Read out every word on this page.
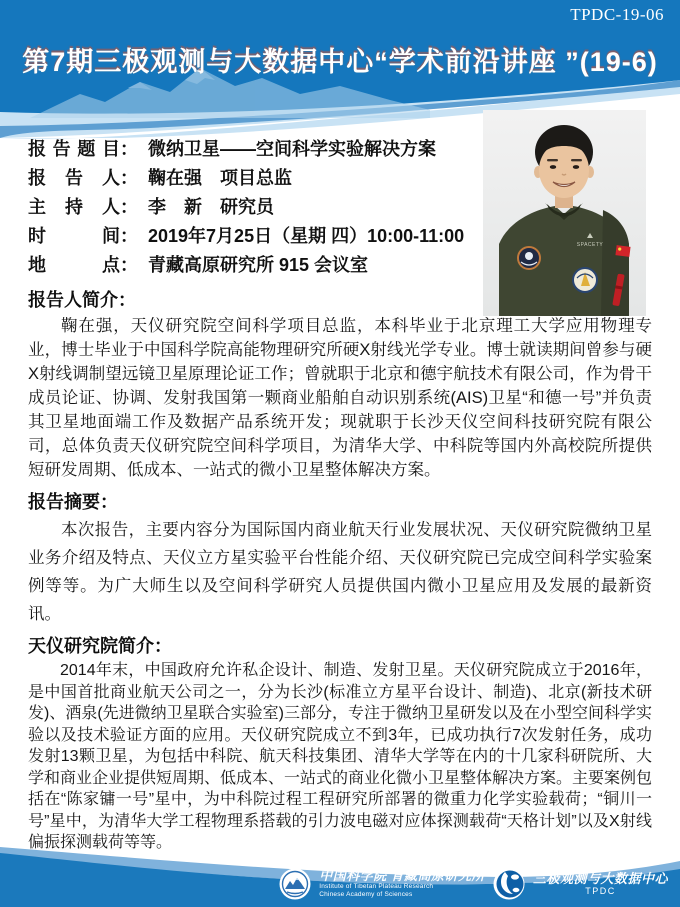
TPDC-19-06
第7期三极观测与大数据中心“学术前沿讲座 ”(19-6)
SPACETY
报 告 题 目 ： 微纳卫星——空间科学实验解决方案
报 告 人 ： 鞠在强　项目总监
主 持 人 ： 李　新　研究员
时	间 ： 2019年7月25日（星期 四）10:00-11:00
地	点 ： 青藏高原研究所 915 会议室
报告人简介：

鞠在强，天仪研究院空间科学项目总监，本科毕业于北京理工大学应用物理专业，博士毕业于中国科学院高能物理研究所硬X射线光学专业。博士就读期间曾参与硬X射线调制望远镜卫星原理论证工作；曾就职于北京和德宇航技术有限公司，作为骨干成员论证、协调、发射我国第一颗商业船舶自动识别系统(AIS)卫星“和德一号”并负责其卫星地面端工作及数据产品系统开发；现就职于长沙天仪空间科技研究院有限公司，总体负责天仪研究院空间科学项目，为清华大学、中科院等国内外高校院所提供短研发周期、低成本、一站式的微小卫星整体解决方案。

报告摘要：

本次报告，主要内容分为国际国内商业航天行业发展状况、天仪研究院微纳卫星业务介绍及特点、天仪立方星实验平台性能介绍、天仪研究院已完成空间科学实验案例等等。为广大师生以及空间科学研究人员提供国内微小卫星应用及发展的最新资讯。

天仪研究院简介：

2014年末，中国政府允许私企设计、制造、发射卫星。天仪研究院成立于2016年，是中国首批商业航天公司之一，分为长沙(标准立方星平台设计、制造)、北京(新技术研发)、酒泉(先进微纳卫星联合实验室)三部分，专注于微纳卫星研发以及在小型空间科学实验以及技术验证方面的应用。天仪研究院成立不到3年，已成功执行7次发射任务，成功发射13颗卫星，为包括中科院、航天科技集团、清华大学等在内的十几家科研院所、大学和商业企业提供短周期、低成本、一站式的商业化微小卫星整体解决方案。主要案例包括在“陈家镛一号”星中，为中科院过程工程研究所部署的微重力化学实验载荷；“铜川一号”星中，为清华大学工程物理系搭载的引力波电磁对应体探测载荷“天格计划”以及X射线偏振探测载荷等等。

中国科学院 青藏高原研究所
Institute of Tibetan Plateau Research
Chinese Academy of Sciences
三极观测与大数据中心
TPDC
